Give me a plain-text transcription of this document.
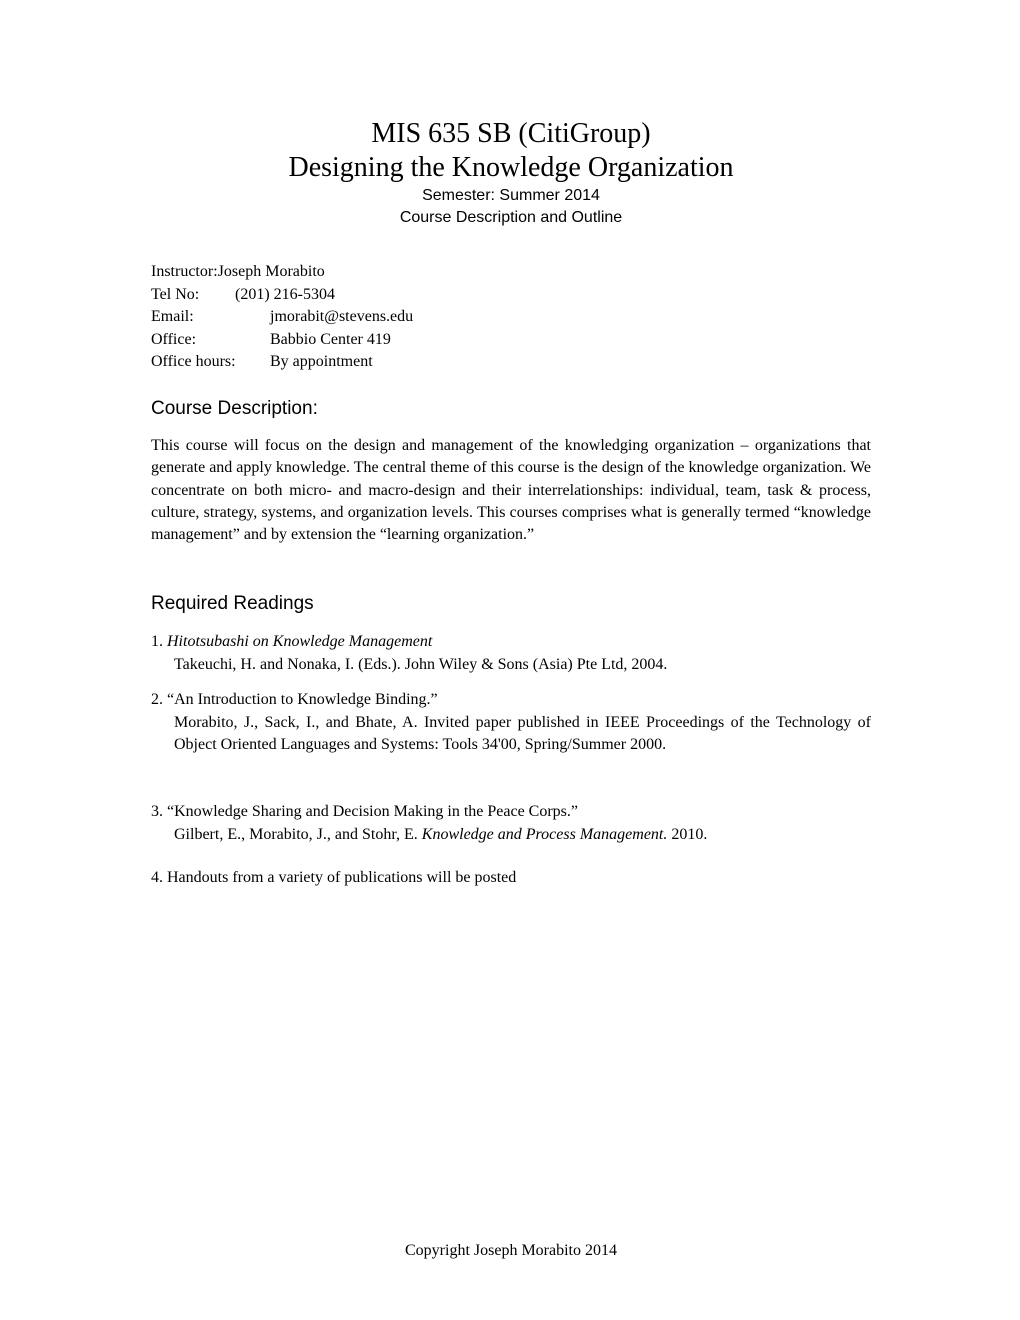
MIS 635 SB (CitiGroup)
Designing the Knowledge Organization

Semester: Summer 2014

Course Description and Outline

Instructor: Joseph Morabito
Tel No:	(201) 216-5304
Email:	jmorabit@stevens.edu
Office:	Babbio Center 419
Office hours:	By appointment
Course Description:

This course will focus on the design and management of the knowledging organization – organizations that generate and apply knowledge. The central theme of this course is the design of the knowledge organization. We concentrate on both micro- and macro-design and their interrelationships: individual, team, task & process, culture, strategy, systems, and organization levels. This courses comprises what is generally termed “knowledge management” and by extension the “learning organization.”

Required Readings

1. Hitotsubashi on Knowledge Management

Takeuchi, H. and Nonaka, I. (Eds.). John Wiley & Sons (Asia) Pte Ltd, 2004.

2. “An Introduction to Knowledge Binding.”

Morabito, J., Sack, I., and Bhate, A. Invited paper published in IEEE Proceedings of the Technology of Object Oriented Languages and Systems: Tools 34'00, Spring/Summer 2000.

3. “Knowledge Sharing and Decision Making in the Peace Corps.”

Gilbert, E., Morabito, J., and Stohr, E. Knowledge and Process Management. 2010.

4. Handouts from a variety of publications will be posted

Copyright Joseph Morabito 2014
